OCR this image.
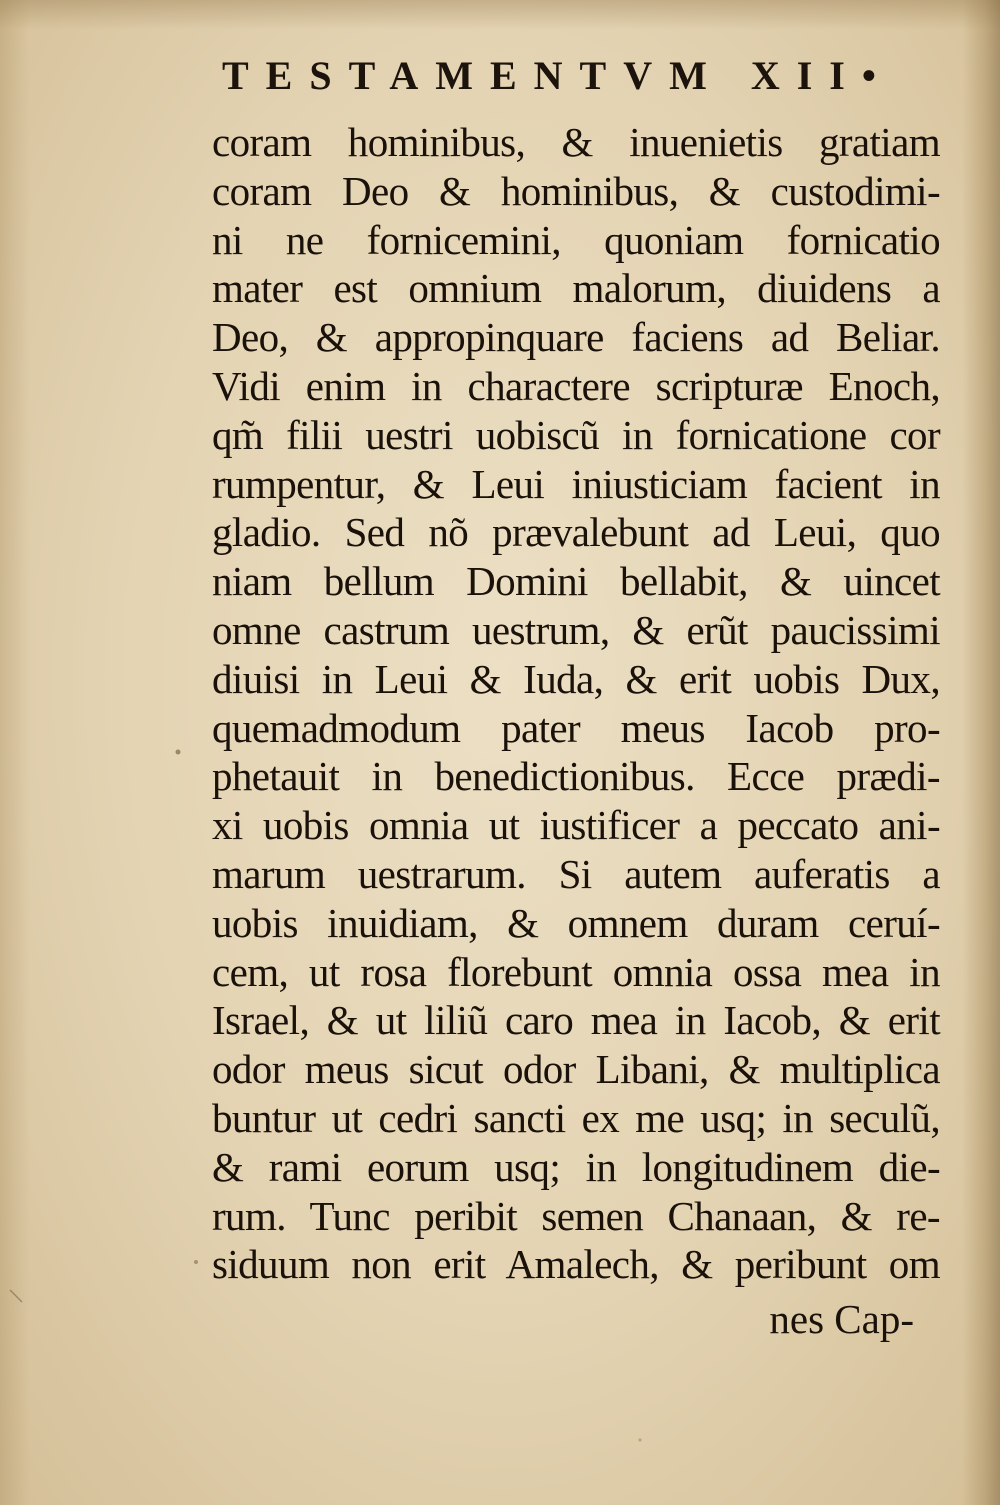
TESTAMENTVM XII•
coram hominibus, & inuenietis gratiam
coram Deo & hominibus, & custodimi-
ni ne fornicemini, quoniam fornicatio
mater est omnium malorum, diuidens a
Deo, & appropinquare faciens ad Beliar.
Vidi enim in charactere scripturæ Enoch,
qm̃ filii uestri uobiscũ in fornicatione cor
rumpentur, & Leui iniusticiam facient in
gladio. Sed nõ prævalebunt ad Leui, quo
niam bellum Domini bellabit, & uincet
omne castrum uestrum, & erũt paucissimi
diuisi in Leui & Iuda, & erit uobis Dux,
quemadmodum pater meus Iacob pro-
phetauit in benedictionibus. Ecce prædi-
xi uobis omnia ut iustificer a peccato ani-
marum uestrarum. Si autem auferatis a
uobis inuidiam, & omnem duram ceruí-
cem, ut rosa florebunt omnia ossa mea in
Israel, & ut liliũ caro mea in Iacob, & erit
odor meus sicut odor Libani, & multiplica
buntur ut cedri sancti ex me usq; in seculũ,
& rami eorum usq; in longitudinem die-
rum. Tunc peribit semen Chanaan, & re-
siduum non erit Amalech, & peribunt om
nes Cap-
